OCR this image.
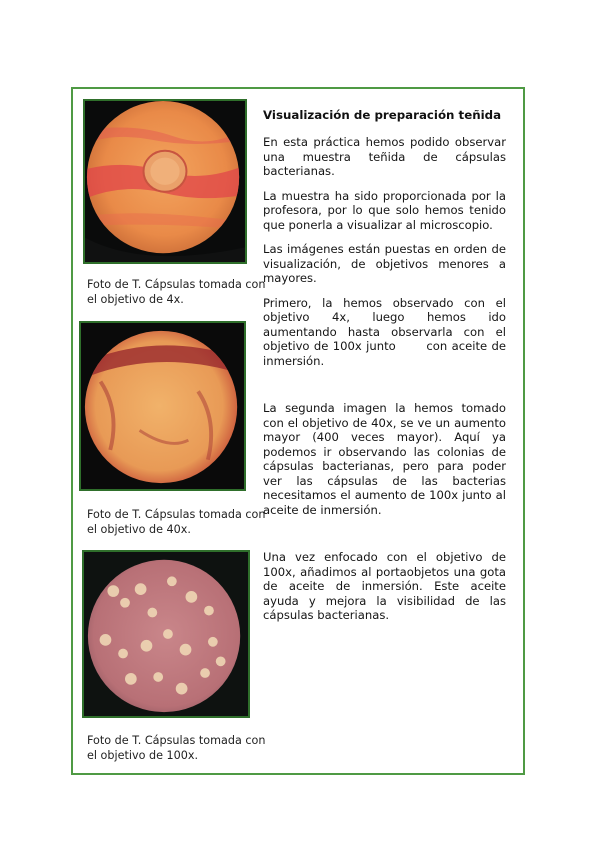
Foto de T. Cápsulas tomada con el objetivo de 4x.
Foto de T. Cápsulas tomada con el objetivo de 40x.
Foto de T. Cápsulas tomada con el objetivo de 100x.
Visualización de preparación teñida

En esta práctica hemos podido observar una muestra teñida de cápsulas bacterianas.

La muestra ha sido proporcionada por la profesora, por lo que solo hemos tenido que ponerla a visualizar al microscopio.

Las imágenes están puestas en orden de visualización, de objetivos menores a mayores.

Primero, la hemos observado con el objetivo 4x, luego hemos ido aumentando hasta observarla con el objetivo de 100x junto       con aceite de inmersión.

La segunda imagen la hemos tomado con el objetivo de 40x, se ve un aumento mayor (400 veces mayor). Aquí ya podemos ir observando las colonias de cápsulas bacterianas, pero para poder ver las cápsulas de las bacterias necesitamos el aumento de 100x junto al aceite de inmersión.

Una vez enfocado con el objetivo de 100x, añadimos al portaobjetos una gota de aceite de inmersión. Este aceite ayuda y mejora la visibilidad de las cápsulas bacterianas.
